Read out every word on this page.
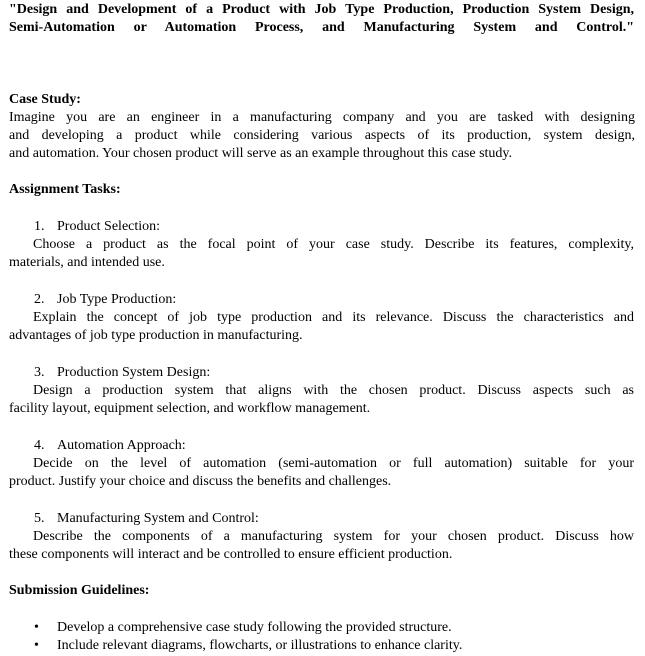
"Design and Development of a Product with Job Type Production, Production System Design,
Semi-Automation or Automation Process, and Manufacturing System and Control."
Case Study:
Imagine you are an engineer in a manufacturing company and you are tasked with designing
and developing a product while considering various aspects of its production, system design,
and automation. Your chosen product will serve as an example throughout this case study.
Assignment Tasks:
1. Product Selection:
Choose a product as the focal point of your case study. Describe its features, complexity,
materials, and intended use.
2. Job Type Production:
Explain the concept of job type production and its relevance. Discuss the characteristics and
advantages of job type production in manufacturing.
3. Production System Design:
Design a production system that aligns with the chosen product. Discuss aspects such as
facility layout, equipment selection, and workflow management.
4. Automation Approach:
Decide on the level of automation (semi-automation or full automation) suitable for your
product. Justify your choice and discuss the benefits and challenges.
5. Manufacturing System and Control:
Describe the components of a manufacturing system for your chosen product. Discuss how
these components will interact and be controlled to ensure efficient production.
Submission Guidelines:
• Develop a comprehensive case study following the provided structure.
• Include relevant diagrams, flowcharts, or illustrations to enhance clarity.
